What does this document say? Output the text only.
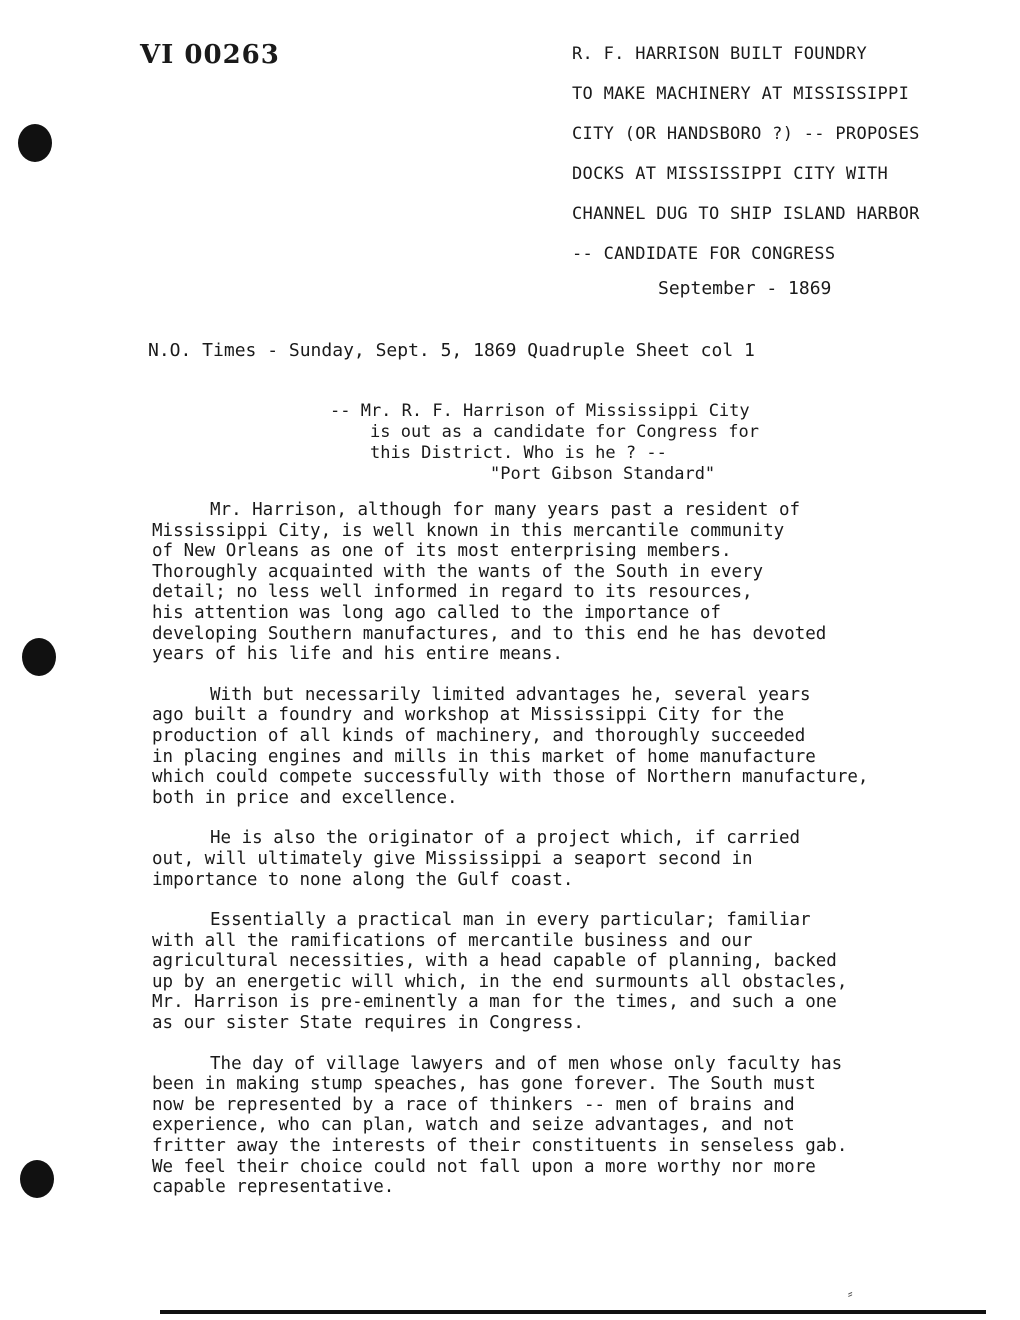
VI 00263	R. F. HARRISON BUILT FOUNDRY
TO MAKE MACHINERY AT MISSISSIPPI
CITY (OR HANDSBORO ?) -- PROPOSES
DOCKS AT MISSISSIPPI CITY WITH
CHANNEL DUG TO SHIP ISLAND HARBOR
-- CANDIDATE FOR CONGRESS
September - 1869
N.O. Times - Sunday, Sept. 5, 1869 Quadruple Sheet col 1
-- Mr. R. F. Harrison of Mississippi City
is out as a candidate for Congress for
this District. Who is he ? --
"Port Gibson Standard"
Mr. Harrison, although for many years past a resident of
Mississippi City, is well known in this mercantile community
of New Orleans as one of its most enterprising members.
Thoroughly acquainted with the wants of the South in every
detail; no less well informed in regard to its resources,
his attention was long ago called to the importance of
developing Southern manufactures, and to this end he has devoted
years of his life and his entire means.
With but necessarily limited advantages he, several years
ago built a foundry and workshop at Mississippi City for the
production of all kinds of machinery, and thoroughly succeeded
in placing engines and mills in this market of home manufacture
which could compete successfully with those of Northern manufacture,
both in price and excellence.
He is also the originator of a project which, if carried
out, will ultimately give Mississippi a seaport second in
importance to none along the Gulf coast.
Essentially a practical man in every particular; familiar
with all the ramifications of mercantile business and our
agricultural necessities, with a head capable of planning, backed
up by an energetic will which, in the end surmounts all obstacles,
Mr. Harrison is pre-eminently a man for the times, and such a one
as our sister State requires in Congress.
The day of village lawyers and of men whose only faculty has
been in making stump speaches, has gone forever. The South must
now be represented by a race of thinkers -- men of brains and
experience, who can plan, watch and seize advantages, and not
fritter away the interests of their constituents in senseless gab.
We feel their choice could not fall upon a more worthy nor more
capable representative.
⸗
